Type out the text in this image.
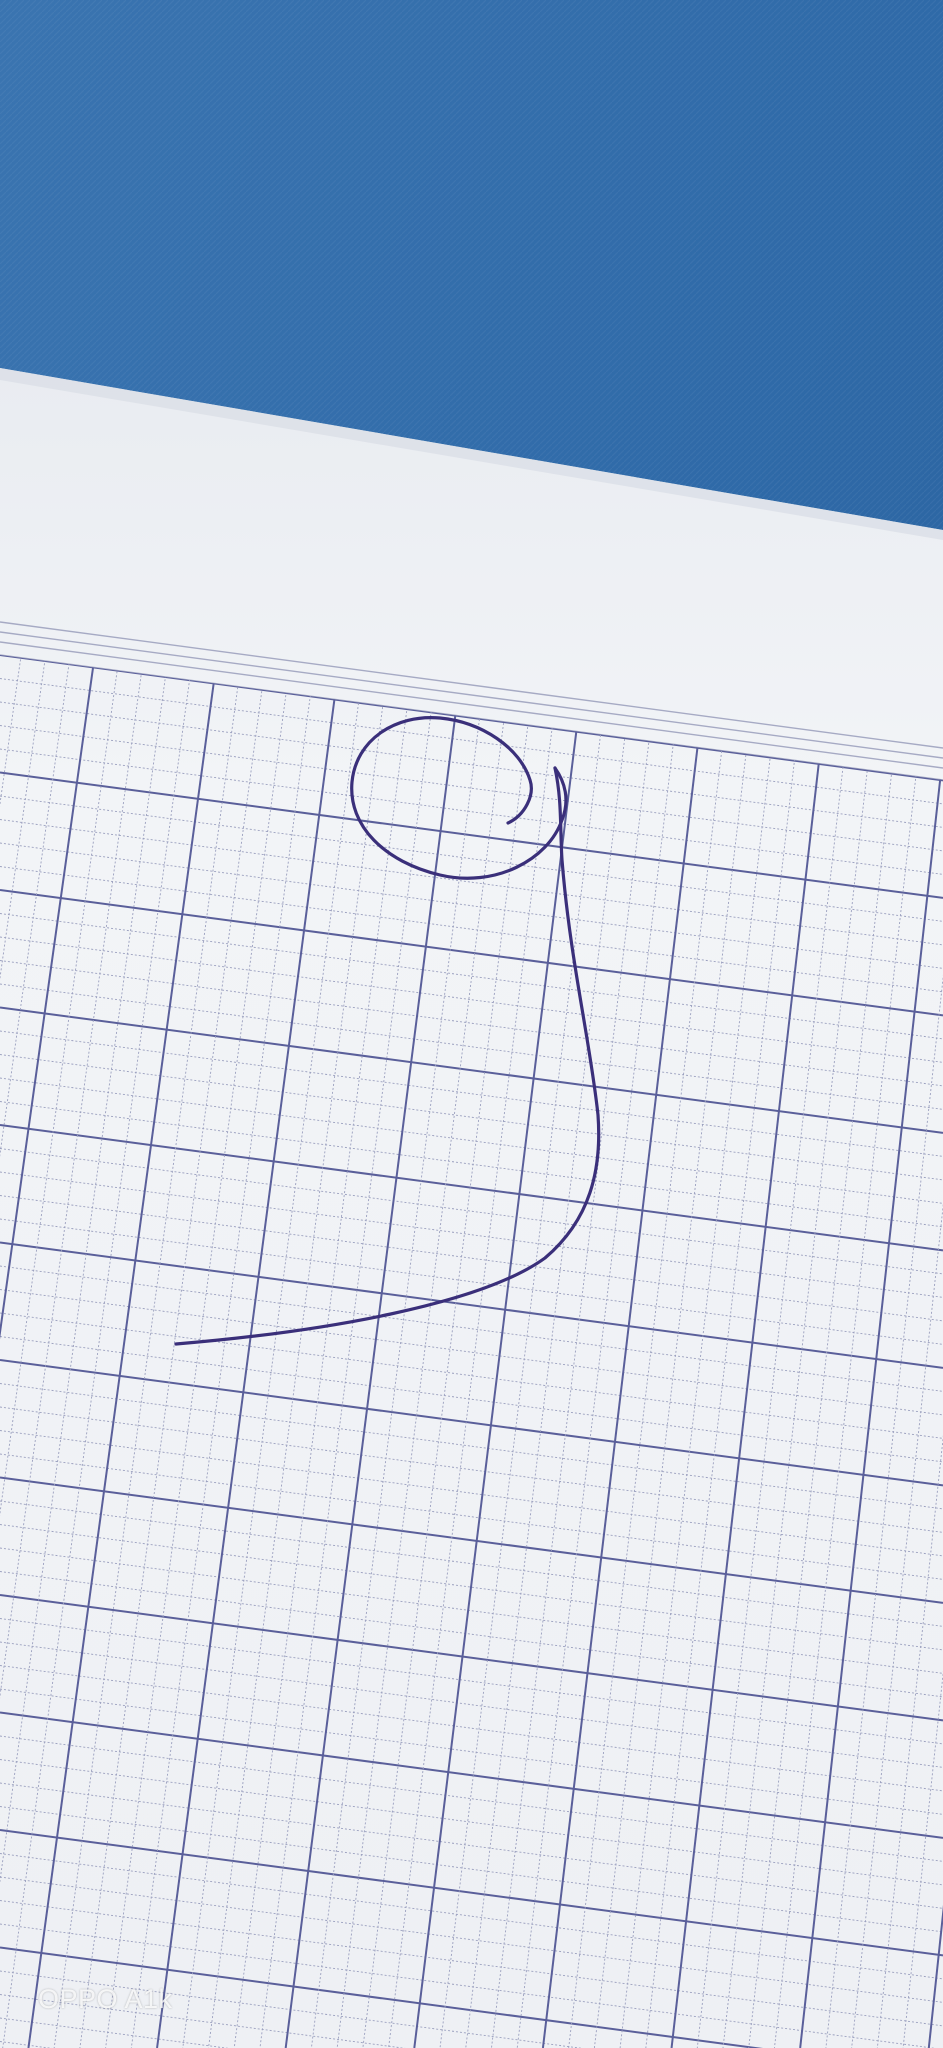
OPPO A1k
